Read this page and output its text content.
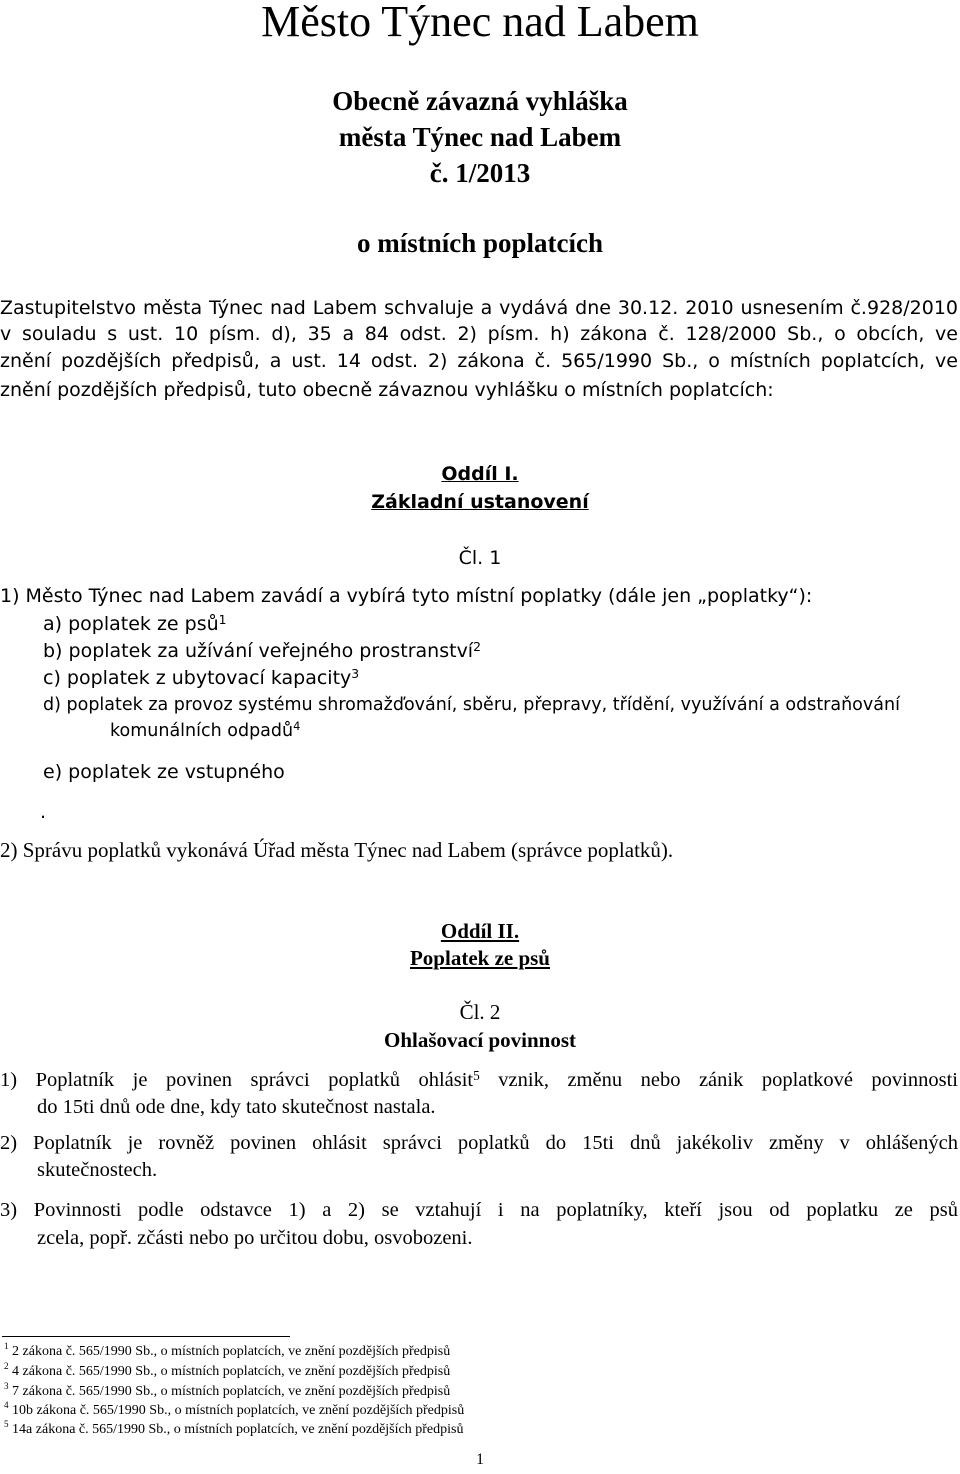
Město Týnec nad Labem
Obecně závazná vyhláška
města Týnec nad Labem
č. 1/2013
o místních poplatcích
Zastupitelstvo města Týnec nad Labem schvaluje a vydává dne 30.12. 2010 usnesením č.928/2010
v souladu s ust. 10 písm. d), 35 a 84 odst. 2) písm. h) zákona č. 128/2000 Sb., o obcích, ve
znění pozdějších předpisů, a ust. 14 odst. 2) zákona č. 565/1990 Sb., o místních poplatcích, ve
znění pozdějších předpisů, tuto obecně závaznou vyhlášku o místních poplatcích:
Oddíl I.
Základní ustanovení
Čl. 1
1) Město Týnec nad Labem zavádí a vybírá tyto místní poplatky (dále jen „poplatky“):
a) poplatek ze psů$^1$
b) poplatek za užívání veřejného prostranství$^2$
c) poplatek z ubytovací kapacity$^3$
d) poplatek za provoz systému shromažďování, sběru, přepravy, třídění, využívání a odstraňování
komunálních odpadů$^4$
e) poplatek ze vstupného
.
2) Správu poplatků vykonává Úřad města Týnec nad Labem (správce poplatků).
Oddíl II.
Poplatek ze psů
Čl. 2
Ohlašovací povinnost
1) Poplatník je povinen správci poplatků ohlásit$^5$ vznik, změnu nebo zánik poplatkové povinnosti
do 15ti dnů ode dne, kdy tato skutečnost nastala.
2) Poplatník je rovněž povinen ohlásit správci poplatků do 15ti dnů jakékoliv změny v ohlášených
skutečnostech.
3) Povinnosti podle odstavce 1) a 2) se vztahují i na poplatníky, kteří jsou od poplatku ze psů
zcela, popř. zčásti nebo po určitou dobu, osvobozeni.
$^1$ 2 zákona č. 565/1990 Sb., o místních poplatcích, ve znění pozdějších předpisů
$^2$ 4 zákona č. 565/1990 Sb., o místních poplatcích, ve znění pozdějších předpisů
$^3$ 7 zákona č. 565/1990 Sb., o místních poplatcích, ve znění pozdějších předpisů
$^4$ 10b zákona č. 565/1990 Sb., o místních poplatcích, ve znění pozdějších předpisů
$^5$ 14a zákona č. 565/1990 Sb., o místních poplatcích, ve znění pozdějších předpisů
1
